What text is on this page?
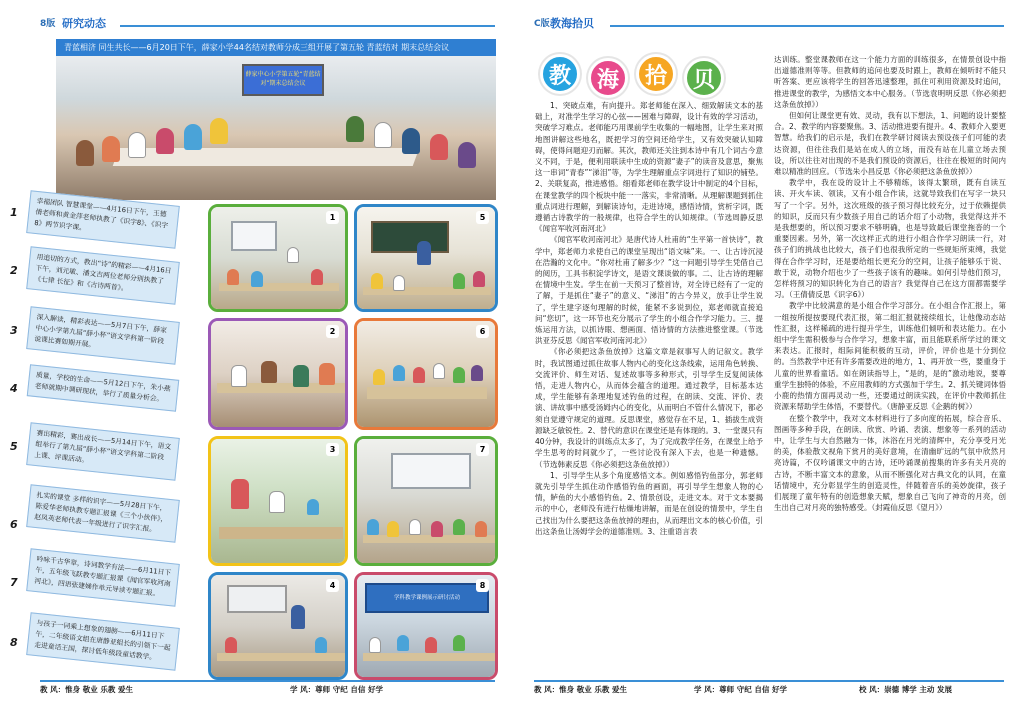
8版 研究动态
青蓝相济 同生共长——6月20日下午，薛家小学44名结对教师分成三组开展了第五轮 青蓝结对 期末总结会议
薛家中心小学第五轮“青蓝结对”期末总结会议
1	幸福团队 智慧课堂——4月16日下午，王德倩老师和黄金萍老师执教了《识字8》、《识字8》两节识字课。

2	用追切的方式，教出“诗”的精彩——4月16日下午，刘元敏、潘文吉两位老师分别执教了《七律 长征》和《古诗两首》。

3	深入解读，精彩表达——5月7日下午，薛家中心小学第九届“薛小杯”语文学科第一阶段说课比赛如期开展。

4	质量，学校的生命——5月12日下午，朱小燕老师就期中调研现状，举行了质量分析会。

5	赛出精彩，赛出成长——5月14日下午，语文组举行了第九届“薛小杯”语文学科第二阶段上课、评课活动。

6

扎实的课堂 多样的识字——5月28日下午，陈爱华老师执教专题汇报课《三个小伙伴》，赵凤英老师代表一年级进行了识字汇报。

7

吟咏千古华章，诗词教学有法——6月11日下午，五年级飞跃教专题汇报课《闻官军收河南河北》，四语张建娣作单元导读专题汇报。

8

与孩子一同乘上想象的翅膀——6月11日下午，二年级语文组在唐静亚组长的引领下一起走进童话王国，探讨低年级段童话教学。

1	5
2	6
3	7
4
学科教学课例展示研讨活动
8
教 风：惟身 敬业 乐教 爱生	学 风：尊师 守纪 自信 好学
C版 教海拾贝
教	海	拾	贝

1、突破点难，有向提升。郑老师能在深入、细致解读文本的基础上，对准学生学习的心弦——困难与障碍，设计有效的学习活动，突破学习难点。老师能巧用课前学生收集的一幅地图，让学生来对照地图讲解这些地名，既把学习的空间还给学生，又有效突破认知障碍，使得问题迎刃而解。其次，教师还关注到本诗中有几个词古今意义不同，于是，便利用联读中生成的资源“妻子”的读音及意思，聚焦这一串词“青春”“涕泪”等，为学生理解重点字词进行了知识的铺垫。2、关联复高，推进感悟。细看郑老师在教学设计中制定的4个目标，在课堂教学的四个板块中能一一落实，非常清晰。从理解课题到抓住重点词进行理解，到解读诗句，走进诗境，感悟诗情，赏析字词，既遵循古诗教学的一般规律，也符合学生的认知规律。（节选周静反思《闻官军收河南河北》

《闻官军收河南河北》是唐代诗人杜甫的“生平第一首快诗”，教学中，郑老师力求使自己的课堂呈现出“语文味”来。一、让古诗沉浸在浩瀚的文化中。“你对杜甫了解多少？”这一问题引导学生凭借自己的阅历，工具书积淀学诗文，是语文课谈做的事。二、让古诗的理解在情境中生发。学生在前一天预习了整首诗，对全诗已经有了一定的了解，于是抓住“妻子”的意义、“涕泪”的古今异义，放手让学生说了，学生建字逐句理解的时候，能紧不多说到位，郑老师就直接追问“您切”，这一环节也充分展示了学生的小组合作学习能力。三、提炼运用方法，以抓诗眼、想画面、悟诗情的方法推进整堂课。（节选洪亚芬反思《闻官军收河南河北》）

《你必须把这条鱼放掉》这篇文章是叙事写人的记叙文。教学时，我试图通过抓住故事人物内心的变化这条线索，运用角色转换、交流评价、师生对话、复述故事等多种形式，引导学生反复阅读体悟，走进人物内心，从而体会蕴含的道理。通过教学，目标基本达成，学生能够有条理地复述钓鱼的过程，在朗读、交流、评价、表演、讲故事中感受汤姆内心的变化，从而明白不管什么情况下，都必须自觉遵守规定的道理。反思课堂，感觉存在不足，1、插拔生成资源缺乏敏锐性。2、替代的意识在课堂还是有体现的。3、一堂课只有40分钟，我设计的训练点太多了，为了完成教学任务，在课堂上给予学生思考的时间就少了，一些讨论没有深入下去，也是一种遗憾。（节选韩素反思《你必须把这条鱼放掉》）

1、引导学生从多个角度感悟文本。例如感悟钓鱼部分，郭老师就先引导学生抓住动作感悟钓鱼的画面，再引导学生想象人物的心情，鲈鱼的大小感悟钓鱼。2、情景创设，走进文本。对于文本要揭示的中心，老师没有进行枯燥地讲解，而是在创设的情景中，学生自己找出为什么要把这条鱼放掉的理由，从而理出文本的核心价值，引出这条鱼让汤姆学会的道德准则。3、注重语言表

达训练。整堂课教师在这一个能力方面的训练很多，在情景创设中指出道德准则等等。但教师的追问也要及时跟上，教师在倾听时不能只听答案、更应该将学生的回答迅速整理，抓住可利用资源及时追问，推进课堂的教学，为感悟文本中心服务。（节选袁明明反思《你必须把这条鱼放掉》）

但如何让课堂更有效、灵动，我有以下想法，1、问题的设计要整合。2、教学的内容要聚焦。3、活动推进要有提升。4、教师介入要更智慧。给我们的启示是，我们在教学研讨阅读去预设孩子们可能的表达资源，但往往我们是站在成人的立场，而没有站在儿童立场去预设，所以往往对出现的不是我们预设的资源后，往往在极短的时间内难以精准的回应。（节选朱小昌反思《你必须把这条鱼放掉》）

教学中，我在设的设计上不够精练，该得太繁琐，既有自读互读、开火车读、领读，又有小组合作读，这就导致我们在写字一块只写了一个字。另外，这次班级的孩子预习得比较充分，过于依赖提供的知识，反而只有少数孩子用自己的话介绍了小动物，我觉得这并不是我想要的，所以预习要求不够明确，也是导致最后课堂拖沓的一个重要因素。另外，第一次这样正式的进行小组合作学习朗读一行，对孩子们的挑战也比较大，孩子们也很我所定的一些规矩所束缚，我觉得在合作学习时，还是要给组长更充分的空间，让孩子能够乐于说、敢于说，动物介绍也少了一些孩子该有的趣味。如何引导他们预习，怎样将预习的知识转化为自己的语言？我觉得自己在这方面都需要学习。（王倩倩反思《识字6》）

教学中比较满意的是小组合作学习部分。在小组合作汇报上，第一组按所提按要现代表汇报，第二组汇报就接续组长，让他像动态站性汇报，这样稀疏的进行提升学生，训练他们倾听和表达能力。在小组中学生需积极参与合作学习，想象丰富，而且能联系所学过的课文来表达。汇报时，组际间能积极的互动，评价，评价也是十分到位的。当然教学中还有许多需要改进的地方，1、再开放一些，要重身于儿童的世界看童话。如在朗读指导上，“是的，是的”激动地说，要尊重学生独特的体验，不应用教师的方式强加于学生。2、抓关键词体悟小鹿的热情方面再灵动一些，还要通过朗读实践，在评价中教师抓住资源来帮助学生体悟，不要替代。（唐静亚反思《企鹅的树》）

在整个教学中，我对文本材料进行了多向度的拓展，综合音乐、图画等多种手段，在朗读、欣赏、吟诵、表演、想象等一系列的活动中，让学生与大自然融为一体，沐浴在月光的清辉中，充分享受月光的美，体验散文视角下赏月的美好意境，在清幽旷远的气氛中欣然月亮诗篇，不仅吟诵课文中的古诗，还吟诵课前搜集的许多有关月亮的古诗，不断丰富文本的意象，从而不断强化对古典文化的认同，在童话情境中，充分彰显学生的创造灵性，伴随着音乐的美妙旋律，孩子们展现了童年特有的创造想象天赋，想象自己飞向了神奇的月亮，创生出自己对月亮的独特感受。（封霞仙反思《望月》）

教 风：惟身 敬业 乐教 爱生	学 风：尊师 守纪 自信 好学	校 风：崇德 博学 主动 发展
